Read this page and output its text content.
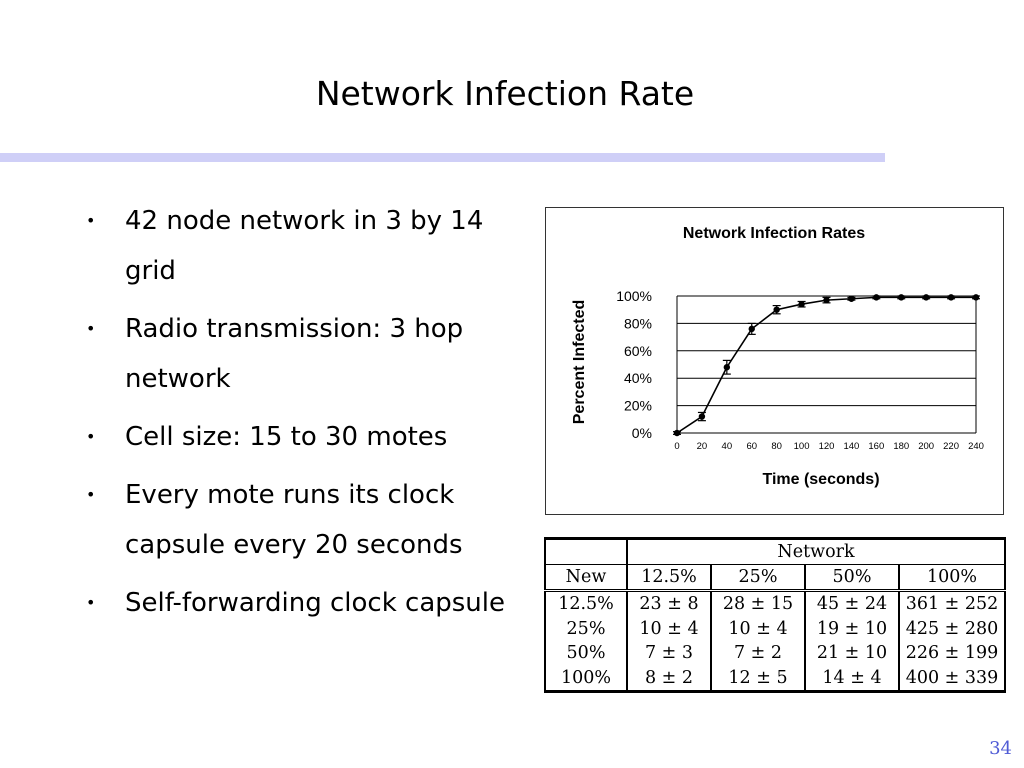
Network Infection Rate
• 42 node network in 3 by 14 grid
• Radio transmission: 3 hop network
• Cell size: 15 to 30 motes
• Every mote runs its clock capsule every 20 seconds
• Self-forwarding clock capsule
Network Infection Rates
Time (seconds)
Percent Infected
0%
20%
40%
60%
80%
100%
0 20 40 60 80 100 120 140 160 180 200 220 240
	Network			
New	12.5%	25%	50%	100%
12.5%	23 ± 8	28 ± 15	45 ± 24	361 ± 252
25%	10 ± 4	10 ± 4	19 ± 10	425 ± 280
50%	7 ± 3	7 ± 2	21 ± 10	226 ± 199
100%	8 ± 2	12 ± 5	14 ± 4	400 ± 339
34
